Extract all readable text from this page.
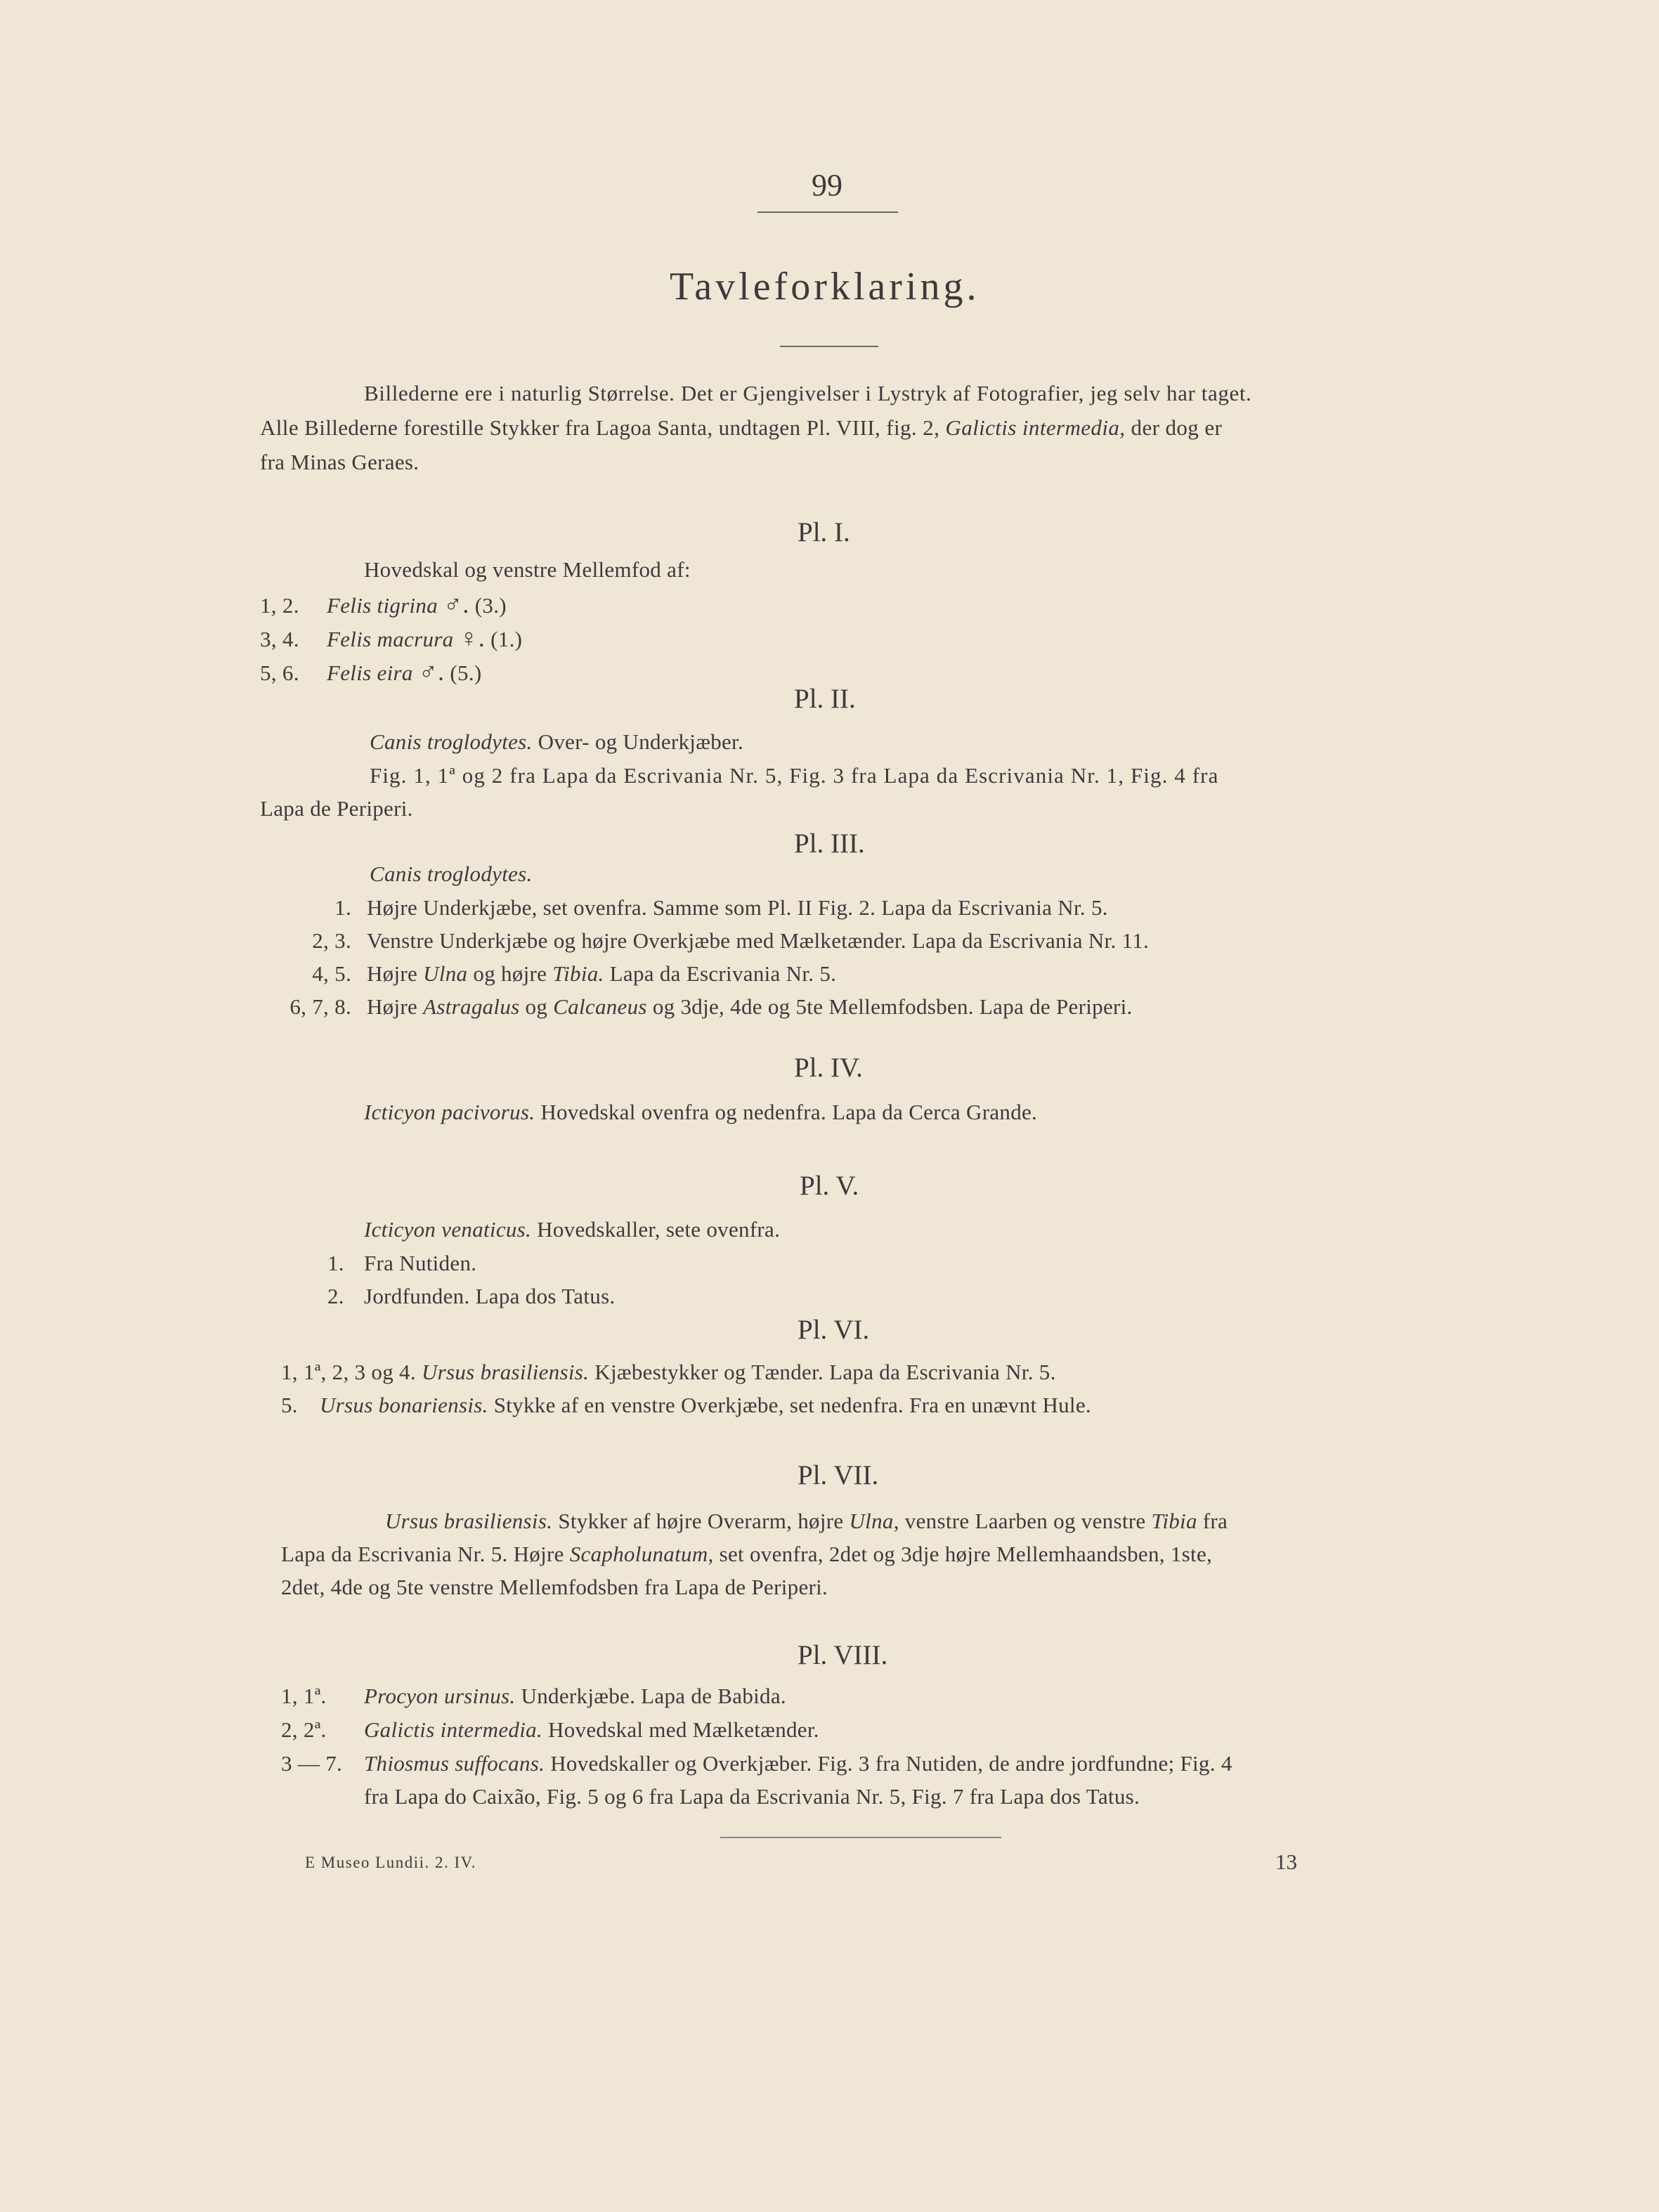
99
Tavleforklaring.
Billederne ere i naturlig Størrelse. Det er Gjengivelser i Lystryk af Fotografier, jeg selv har taget.
Alle Billederne forestille Stykker fra Lagoa Santa, undtagen Pl. VIII, fig. 2, Galictis intermedia, der dog er
fra Minas Geraes.
Pl. I.
Hovedskal og venstre Mellemfod af:
1, 2. Felis tigrina ♂. (3.)
3, 4. Felis macrura ♀. (1.)
5, 6. Felis eira ♂. (5.)
Pl. II.
Canis troglodytes. Over- og Underkjæber.
Fig. 1, 1ª og 2 fra Lapa da Escrivania Nr. 5, Fig. 3 fra Lapa da Escrivania Nr. 1, Fig. 4 fra
Lapa de Periperi.
Pl. III.
Canis troglodytes.
1. Højre Underkjæbe, set ovenfra. Samme som Pl. II Fig. 2. Lapa da Escrivania Nr. 5.
2, 3. Venstre Underkjæbe og højre Overkjæbe med Mælketænder. Lapa da Escrivania Nr. 11.
4, 5. Højre Ulna og højre Tibia. Lapa da Escrivania Nr. 5.
6, 7, 8. Højre Astragalus og Calcaneus og 3dje, 4de og 5te Mellemfodsben. Lapa de Periperi.
Pl. IV.
Icticyon pacivorus. Hovedskal ovenfra og nedenfra. Lapa da Cerca Grande.
Pl. V.
Icticyon venaticus. Hovedskaller, sete ovenfra.
1. Fra Nutiden.
2. Jordfunden. Lapa dos Tatus.
Pl. VI.
1, 1ª, 2, 3 og 4. Ursus brasiliensis. Kjæbestykker og Tænder. Lapa da Escrivania Nr. 5.
5. Ursus bonariensis. Stykke af en venstre Overkjæbe, set nedenfra. Fra en unævnt Hule.
Pl. VII.
Ursus brasiliensis. Stykker af højre Overarm, højre Ulna, venstre Laarben og venstre Tibia fra
Lapa da Escrivania Nr. 5. Højre Scapholunatum, set ovenfra, 2det og 3dje højre Mellemhaandsben, 1ste,
2det, 4de og 5te venstre Mellemfodsben fra Lapa de Periperi.
Pl. VIII.
1, 1ª. Procyon ursinus. Underkjæbe. Lapa de Babida.
2, 2ª. Galictis intermedia. Hovedskal med Mælketænder.
3 — 7. Thiosmus suffocans. Hovedskaller og Overkjæber. Fig. 3 fra Nutiden, de andre jordfundne; Fig. 4
fra Lapa do Caixão, Fig. 5 og 6 fra Lapa da Escrivania Nr. 5, Fig. 7 fra Lapa dos Tatus.
E Museo Lundii. 2. IV.	13
